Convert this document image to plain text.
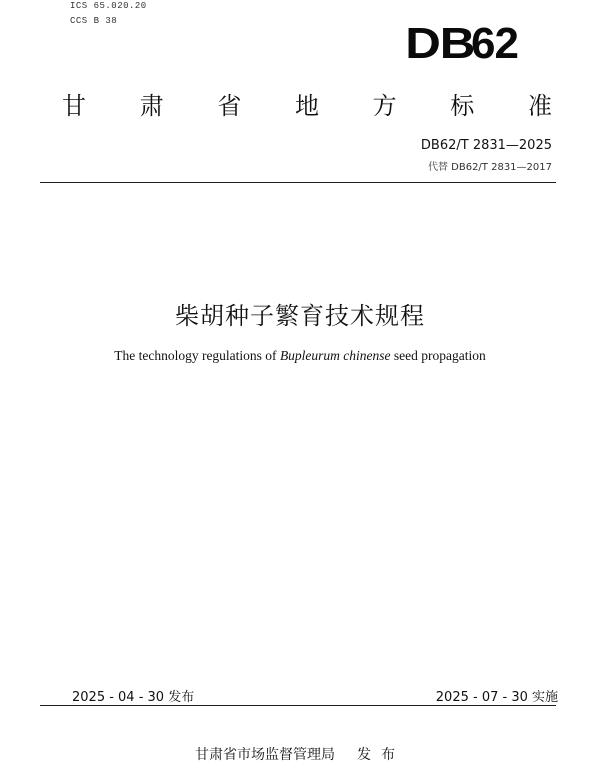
ICS 65.020.20
CCS B 38	DB62
甘 肃 省 地 方 标 准
DB62/T 2831—2025
代替 DB62/T 2831—2017
柴胡种子繁育技术规程
The technology regulations of Bupleurum chinense seed propagation
2025 - 04 - 30 发布	2025 - 07 - 30 实施
甘肃省市场监督管理局 发 布
